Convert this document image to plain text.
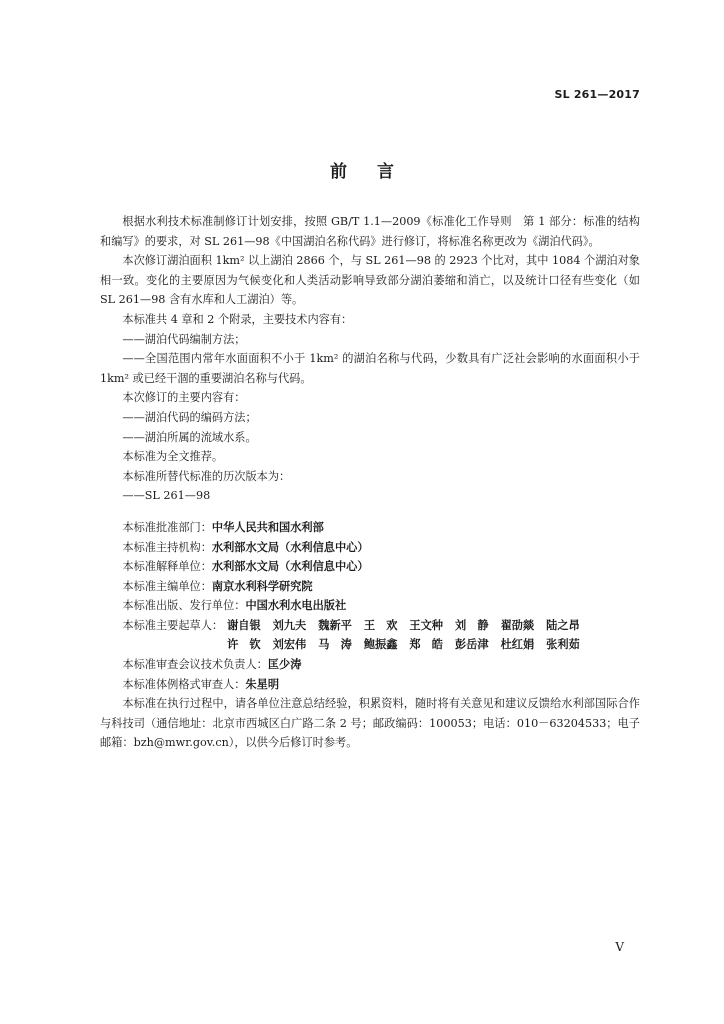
SL 261—2017
前言

根据水利技术标准制修订计划安排，按照 GB/T 1.1—2009《标准化工作导则　第 1 部分：标准的结构和编写》的要求，对 SL 261—98《中国湖泊名称代码》进行修订，将标准名称更改为《湖泊代码》。

本次修订湖泊面积 1km² 以上湖泊 2866 个，与 SL 261—98 的 2923 个比对，其中 1084 个湖泊对象相一致。变化的主要原因为气候变化和人类活动影响导致部分湖泊萎缩和消亡，以及统计口径有些变化（如 SL 261—98 含有水库和人工湖泊）等。

本标准共 4 章和 2 个附录，主要技术内容有：

——湖泊代码编制方法；

——全国范围内常年水面面积不小于 1km² 的湖泊名称与代码，少数具有广泛社会影响的水面面积小于 1km² 或已经干涸的重要湖泊名称与代码。

本次修订的主要内容有：

——湖泊代码的编码方法；

——湖泊所属的流域水系。

本标准为全文推荐。

本标准所替代标准的历次版本为：

——SL 261—98

本标准批准部门：中华人民共和国水利部

本标准主持机构：水利部水文局（水利信息中心）

本标准解释单位：水利部水文局（水利信息中心）

本标准主编单位：南京水利科学研究院

本标准出版、发行单位：中国水利水电出版社

本标准主要起草人： 谢自银 刘九夫 魏新平 王　欢 王文种 刘　静 翟劭燚 陆之昂
许　钦 刘宏伟 马　涛 鲍振鑫 郑　皓 彭岳津 杜红娟 张利茹

本标准审查会议技术负责人：匡少涛

本标准体例格式审查人：朱星明

本标准在执行过程中，请各单位注意总结经验，积累资料，随时将有关意见和建议反馈给水利部国际合作与科技司（通信地址：北京市西城区白广路二条 2 号；邮政编码：100053；电话：010－63204533；电子邮箱：bzh@mwr.gov.cn），以供今后修订时参考。

V
